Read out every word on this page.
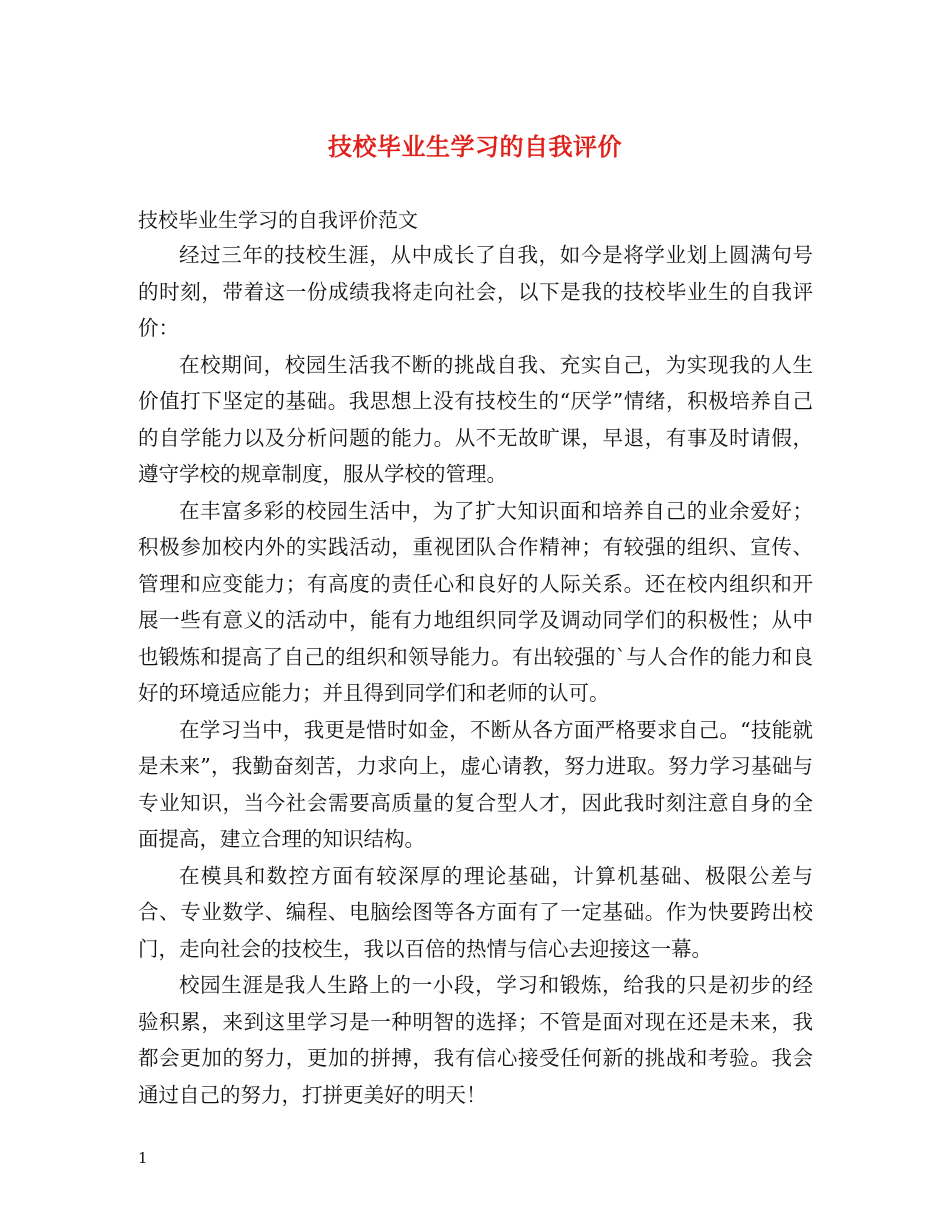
技校毕业生学习的自我评价
技校毕业生学习的自我评价范文

经过三年的技校生涯，从中成长了自我，如今是将学业划上圆满句号的时刻，带着这一份成绩我将走向社会，以下是我的技校毕业生的自我评价：

在校期间，校园生活我不断的挑战自我、充实自己，为实现我的人生价值打下坚定的基础。我思想上没有技校生的“厌学”情绪，积极培养自己的自学能力以及分析问题的能力。从不无故旷课，早退，有事及时请假，遵守学校的规章制度，服从学校的管理。

在丰富多彩的校园生活中，为了扩大知识面和培养自己的业余爱好；积极参加校内外的实践活动，重视团队合作精神；有较强的组织、宣传、管理和应变能力；有高度的责任心和良好的人际关系。还在校内组织和开展一些有意义的活动中，能有力地组织同学及调动同学们的积极性；从中也锻炼和提高了自己的组织和领导能力。有出较强的`与人合作的能力和良好的环境适应能力；并且得到同学们和老师的认可。

在学习当中，我更是惜时如金，不断从各方面严格要求自己。“技能就是未来”，我勤奋刻苦，力求向上，虚心请教，努力进取。努力学习基础与专业知识，当今社会需要高质量的复合型人才，因此我时刻注意自身的全面提高，建立合理的知识结构。

在模具和数控方面有较深厚的理论基础，计算机基础、极限公差与合、专业数学、编程、电脑绘图等各方面有了一定基础。作为快要跨出校门，走向社会的技校生，我以百倍的热情与信心去迎接这一幕。

校园生涯是我人生路上的一小段，学习和锻炼，给我的只是初步的经验积累，来到这里学习是一种明智的选择；不管是面对现在还是未来，我都会更加的努力，更加的拼搏，我有信心接受任何新的挑战和考验。我会通过自己的努力，打拼更美好的明天！

1
